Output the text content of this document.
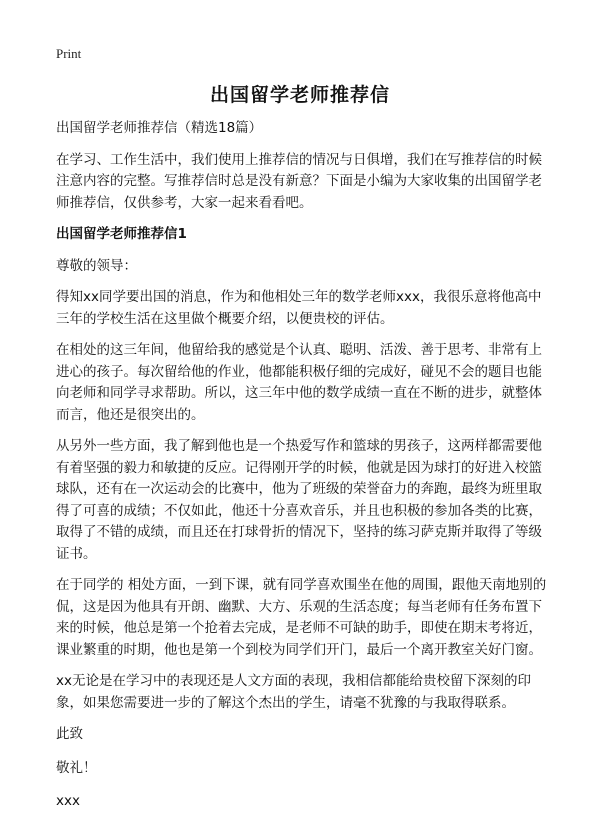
Print
出国留学老师推荐信

出国留学老师推荐信（精选18篇）

在学习、工作生活中，我们使用上推荐信的情况与日俱增，我们在写推荐信的时候注意内容的完整。写推荐信时总是没有新意？下面是小编为大家收集的出国留学老师推荐信，仅供参考，大家一起来看看吧。

出国留学老师推荐信1

尊敬的领导：

得知xx同学要出国的消息，作为和他相处三年的数学老师xxx，我很乐意将他高中三年的学校生活在这里做个概要介绍，以便贵校的评估。

在相处的这三年间，他留给我的感觉是个认真、聪明、活泼、善于思考、非常有上进心的孩子。每次留给他的作业，他都能积极仔细的完成好，碰见不会的题目也能向老师和同学寻求帮助。所以，这三年中他的数学成绩一直在不断的进步，就整体而言，他还是很突出的。

从另外一些方面，我了解到他也是一个热爱写作和篮球的男孩子，这两样都需要他有着坚强的毅力和敏捷的反应。记得刚开学的时候，他就是因为球打的好进入校篮球队，还有在一次运动会的比赛中，他为了班级的荣誉奋力的奔跑，最终为班里取得了可喜的成绩；不仅如此，他还十分喜欢音乐，并且也积极的参加各类的比赛，取得了不错的成绩，而且还在打球骨折的情况下，坚持的练习萨克斯并取得了等级证书。

在于同学的 相处方面，一到下课，就有同学喜欢围坐在他的周围，跟他天南地别的侃，这是因为他具有开朗、幽默、大方、乐观的生活态度；每当老师有任务布置下来的时候，他总是第一个抢着去完成，是老师不可缺的助手，即使在期末考将近，课业繁重的时期，他也是第一个到校为同学们开门，最后一个离开教室关好门窗。

xx无论是在学习中的表现还是人文方面的表现，我相信都能给贵校留下深刻的印象，如果您需要进一步的了解这个杰出的学生，请毫不犹豫的与我取得联系。

此致

敬礼！

xxx
